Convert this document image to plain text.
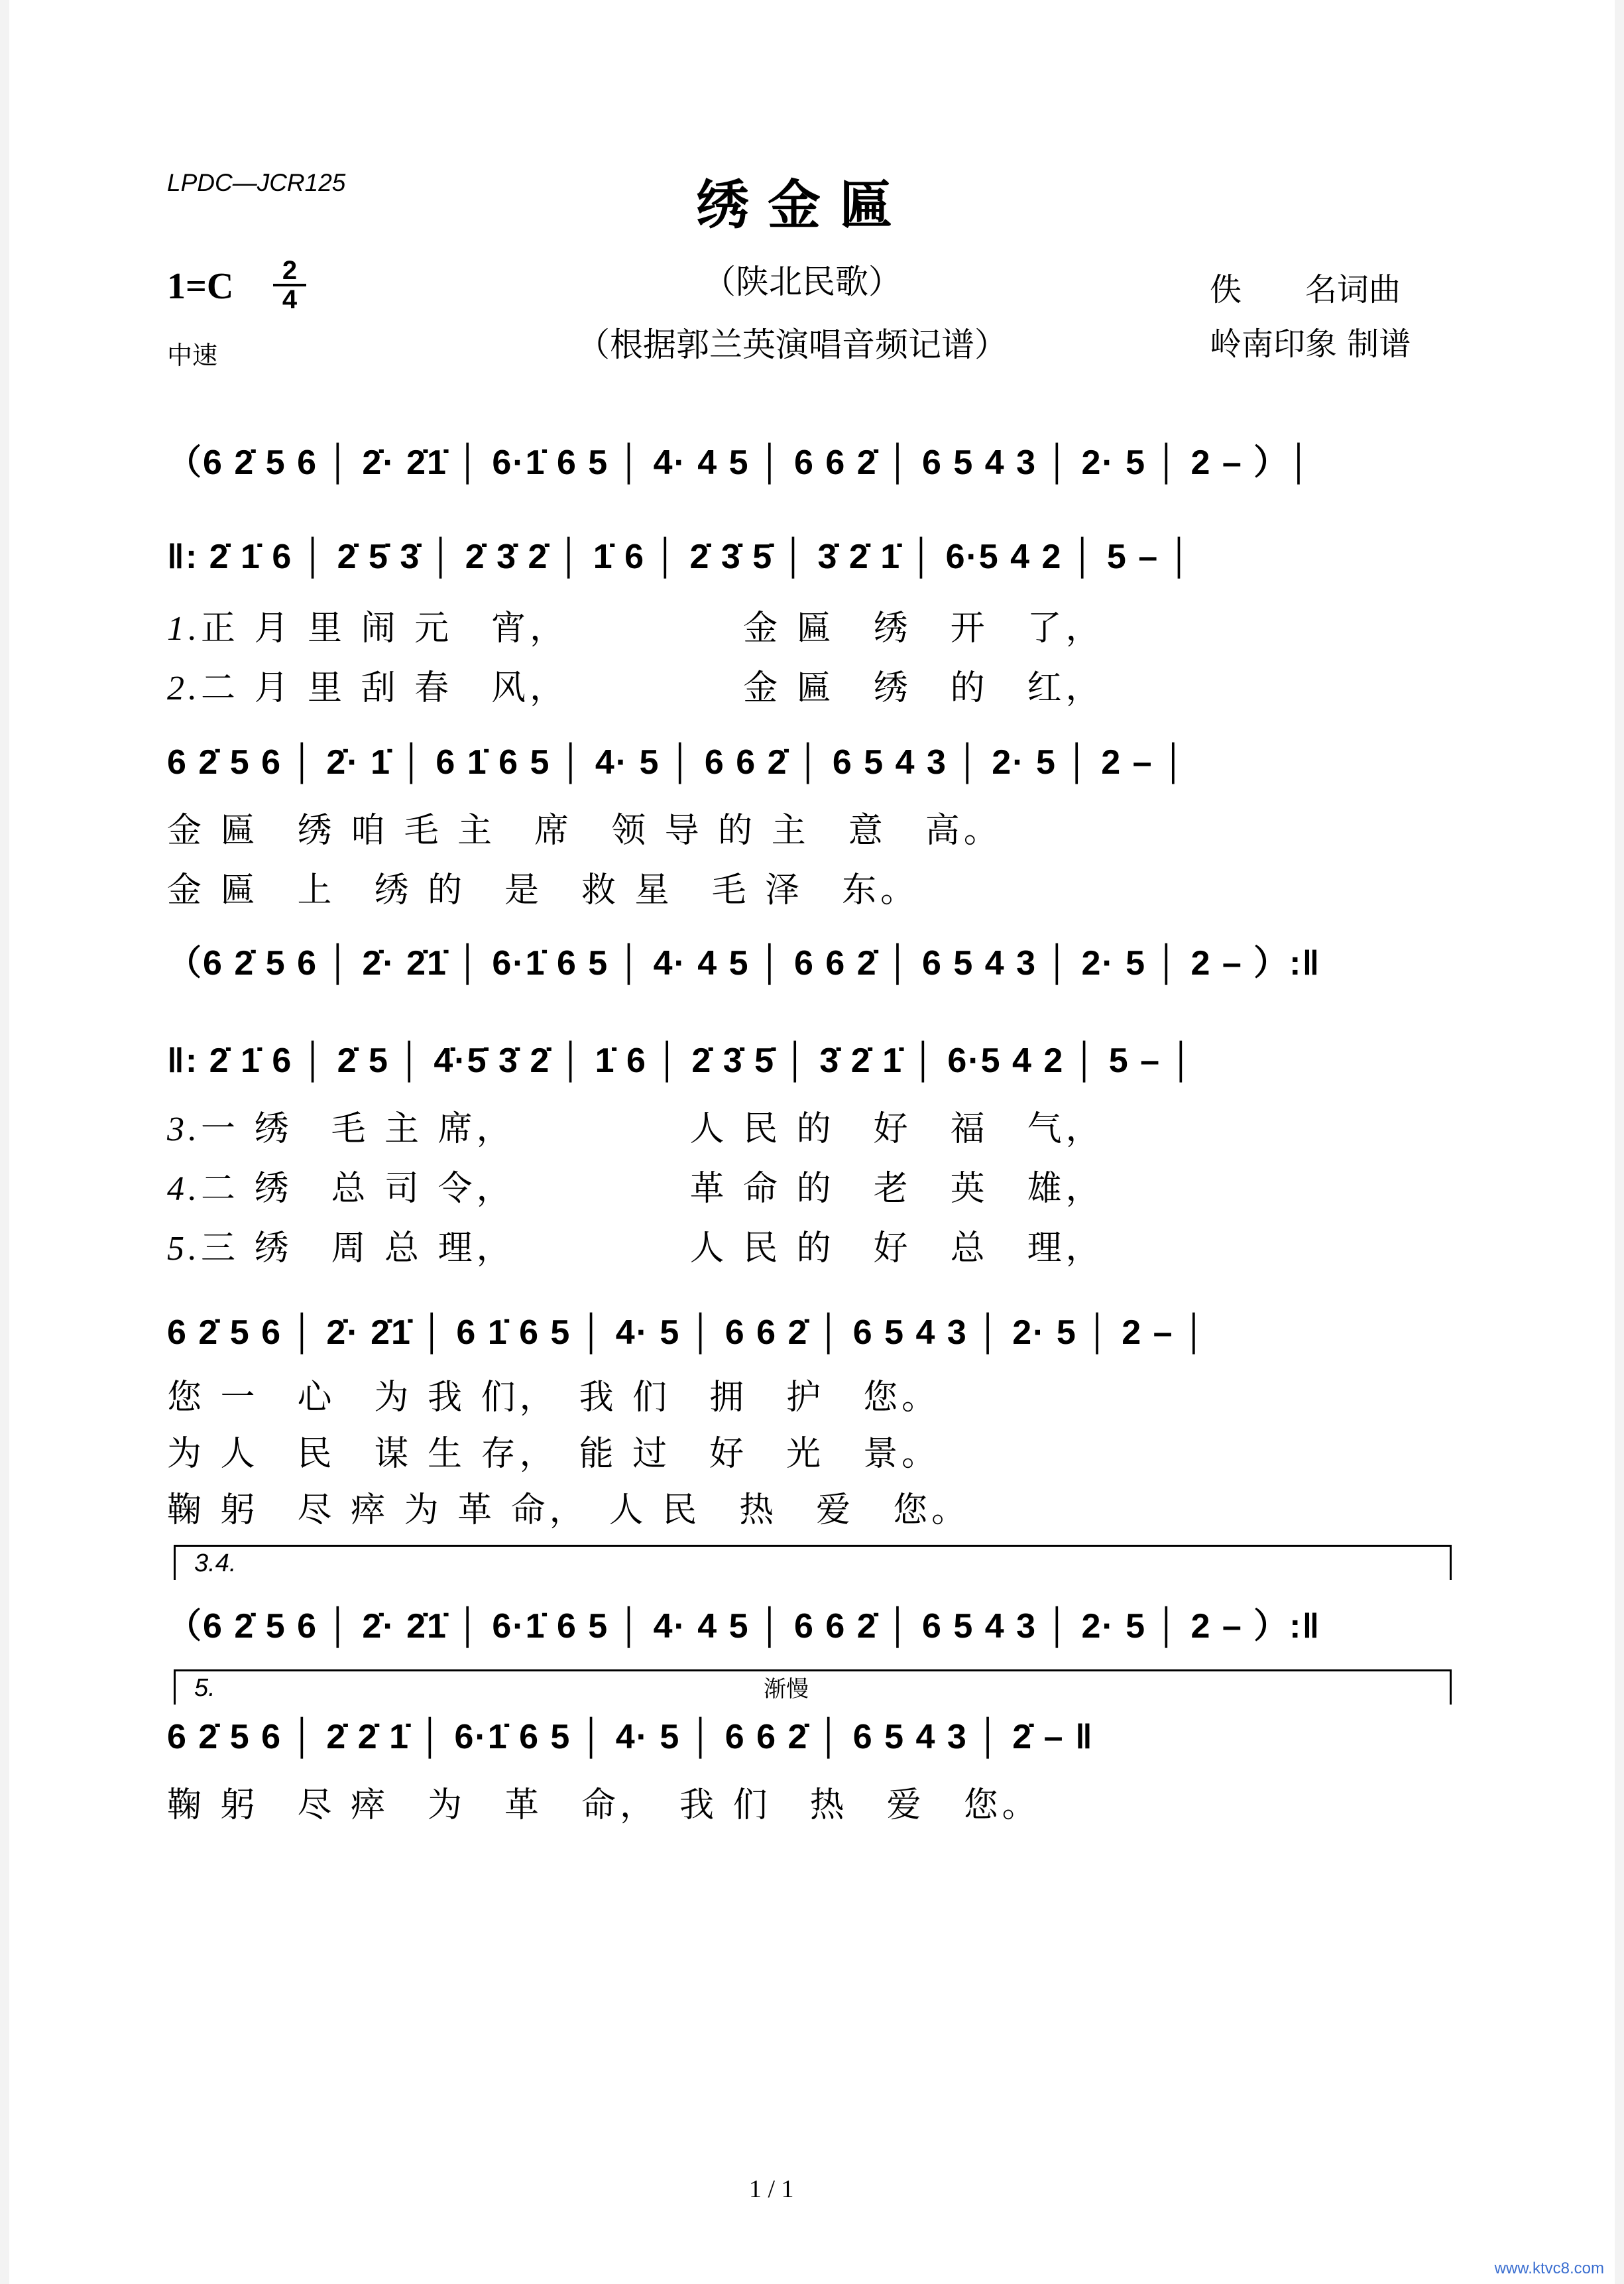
LPDC—JCR125	绣金匾
（陕北民歌）
（根据郭兰英演唱音频记谱）
$1=C \frac{2}{4}$
中速
佚　　名词曲
岭南印象 制谱
（6 2̇ 5 6 │ 2̇· 2̇1̇ │ 6·1̇ 6 5 │ 4· 4 5 │ 6 6 2̇ │ 6 5 4 3 │ 2· 5 │ 2 – ）│
‖: 2̇ 1̇ 6 │ 2̇ 5̇ 3̇ │ 2̇ 3̇ 2̇ │ 1̇ 6 │ 2̇ 3̇ 5̇ │ 3̇ 2̇ 1̇ │ 6·5 4 2 │ 5 – │
1.正 月 里 闹 元　宵，　　　　　金 匾　绣　开　了，
2.二 月 里 刮 春　风，　　　　　金 匾　绣　的　红，
6 2̇ 5 6 │ 2̇· 1̇ │ 6 1̇ 6 5 │ 4· 5 │ 6 6 2̇ │ 6 5 4 3 │ 2· 5 │ 2 – │
金 匾　绣 咱 毛 主　席　领 导 的 主　意　高。
金 匾　上　绣 的　是　救 星　毛 泽　东。
（6 2̇ 5 6 │ 2̇· 2̇1̇ │ 6·1̇ 6 5 │ 4· 4 5 │ 6 6 2̇ │ 6 5 4 3 │ 2· 5 │ 2 – ）:‖
‖: 2̇ 1̇ 6 │ 2̇ 5 │ 4̇·5̇ 3̇ 2̇ │ 1̇ 6 │ 2̇ 3̇ 5̇ │ 3̇ 2̇ 1̇ │ 6·5 4 2 │ 5 – │
3.一 绣　毛 主 席，　　　　　人 民 的　好　福　气，
4.二 绣　总 司 令，　　　　　革 命 的　老　英　雄，
5.三 绣　周 总 理，　　　　　人 民 的　好　总　理，
6 2̇ 5 6 │ 2̇· 2̇1̇ │ 6 1̇ 6 5 │ 4· 5 │ 6 6 2̇ │ 6 5 4 3 │ 2· 5 │ 2 – │
您 一　心　为 我 们，　我 们　拥　护　您。
为 人　民　谋 生 存，　能 过　好　光　景。
鞠 躬　尽 瘁 为 革 命，　人 民　热　爱　您。
（6 2̇ 5 6 │ 2̇· 2̇1̇ │ 6·1̇ 6 5 │ 4· 4 5 │ 6 6 2̇ │ 6 5 4 3 │ 2· 5 │ 2 – ）:‖
6 2̇ 5 6 │ 2̇ 2̇ 1̇ │ 6·1̇ 6 5 │ 4· 5 │ 6 6 2̇ │ 6 5 4 3 │ 2̇ – ‖
鞠 躬　尽 瘁　为　革　命，　我 们　热　爱　您。
3.4.
5.	渐慢
1 / 1
www.ktvc8.com
